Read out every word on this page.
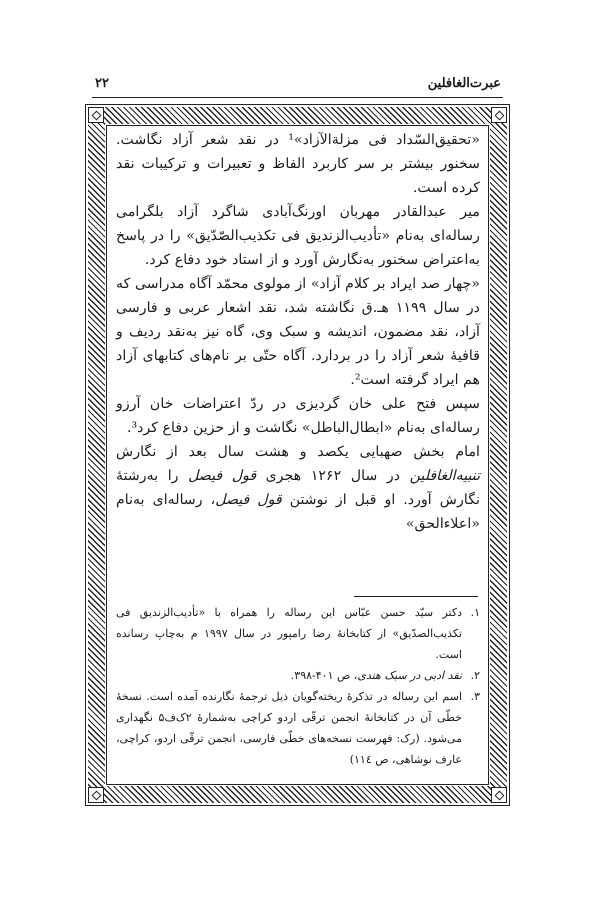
عبرت‌الغافلین
۲۲

«تحقیق‌السّداد فی مزلة‌الآزاد»¹ در نقد شعر آزاد نگاشت. سخنور بیشتر بر سر کاربرد الفاظ و تعبیرات و ترکیبات نقد کرده است.

میر عبدالقادر مهربان اورنگ‌آبادی شاگرد آزاد بلگرامی رساله‌ای به‌نام «تأدیب‌الزندیق فی تکذیب‌الصّدّیق» را در پاسخ به‌اعتراض سخنور به‌نگارش آورد و از استاد خود دفاع کرد.

«چهار صد ایراد بر کلام آزاد» از مولوی محمّد آگاه مدراسی که در سال ۱۱۹۹ هـ.ق نگاشته شد، نقد اشعار عربی و فارسی آزاد، نقد مضمون، اندیشه و سبک وی، گاه نیز به‌نقد ردیف و قافیهٔ شعر آزاد را در بردارد. آگاه حتّی بر نام‌های کتابهای آزاد هم ایراد گرفته است².

سپس فتح علی خان گردیزی در ردّ اعتراضات خان آرزو رساله‌ای به‌نام «ابطال‌الباطل» نگاشت و از حزین دفاع کرد³.

امام بخش صهبایی یکصد و هشت سال بعد از نگارش تنبیه‌الغافلین در سال ۱۲۶۲ هجری قول فیصل را به‌رشتهٔ نگارش آورد. او قبل از نوشتن قول فیصل، رساله‌ای به‌نام «اعلاء‌الحق»

۱.
دکتر سیّد حسن عبّاس این رساله را همراه با «تأدیب‌الزندیق فی تکذیب‌الصدّیق» از کتابخانهٔ رضا رامپور در سال ۱۹۹۷ م به‌چاپ رسانده است.
۲.
نقد ادبی در سبک هندی، ص ۴۰۱-۳۹۸.
۳.
اسم این رساله در تذکرهٔ ریخته‌گویان ذیل ترجمهٔ نگارنده آمده است. نسخهٔ خطّی آن در کتابخانهٔ انجمن ترقّی اردو کراچی به‌شمارهٔ ۲ک‌ف۵ نگهداری می‌شود. (رک: فهرست نسخه‌های خطّی فارسی، انجمن ترقّی اردو، کراچی، عارف نوشاهی، ص ۱۱٤)
